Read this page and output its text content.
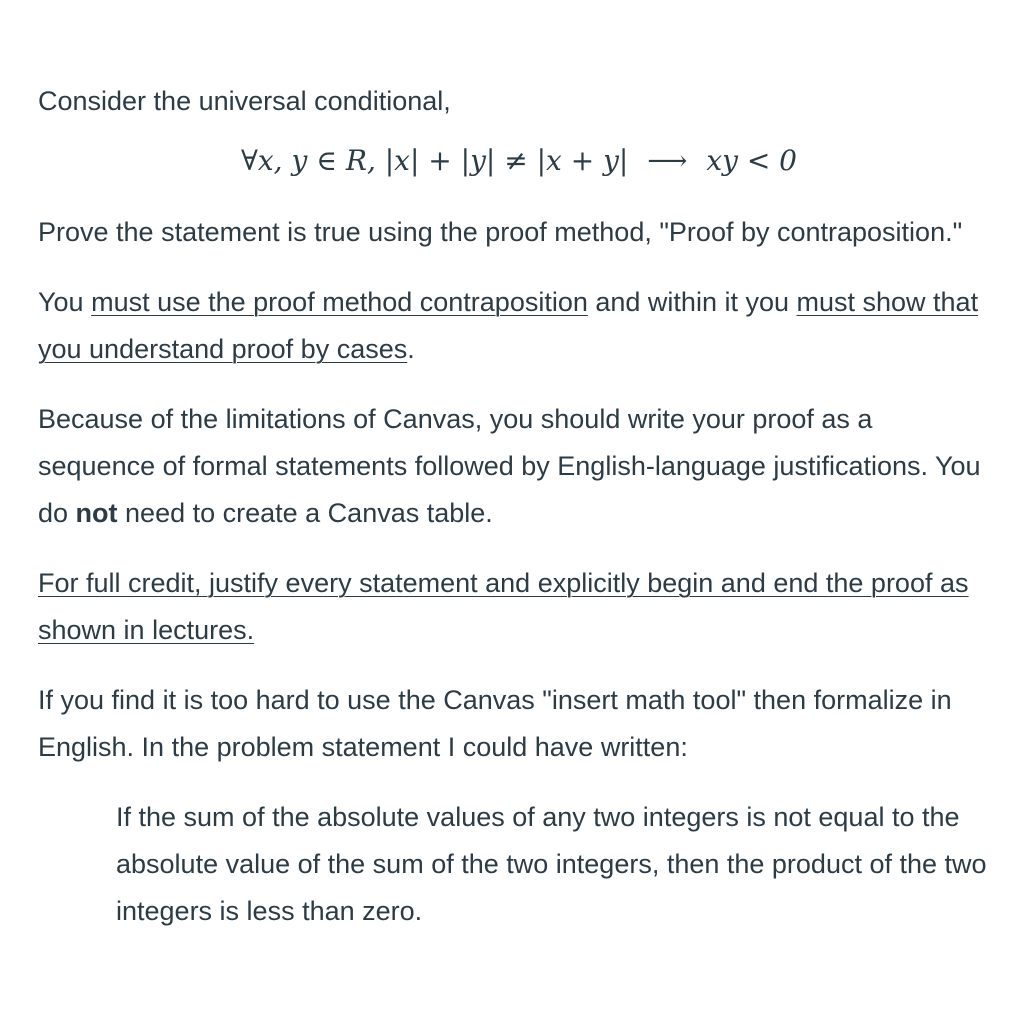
Consider the universal conditional,

∀x, y ∈ R, |x| + |y| ≠ |x + y| ⟶ xy < 0

Prove the statement is true using the proof method, "Proof by contraposition."

You must use the proof method contraposition and within it you must show that you understand proof by cases.

Because of the limitations of Canvas, you should write your proof as a sequence of formal statements followed by English-language justifications. You do not need to create a Canvas table.

For full credit, justify every statement and explicitly begin and end the proof as shown in lectures.

If you find it is too hard to use the Canvas "insert math tool" then formalize in English. In the problem statement I could have written:

If the sum of the absolute values of any two integers is not equal to the absolute value of the sum of the two integers, then the product of the two integers is less than zero.
